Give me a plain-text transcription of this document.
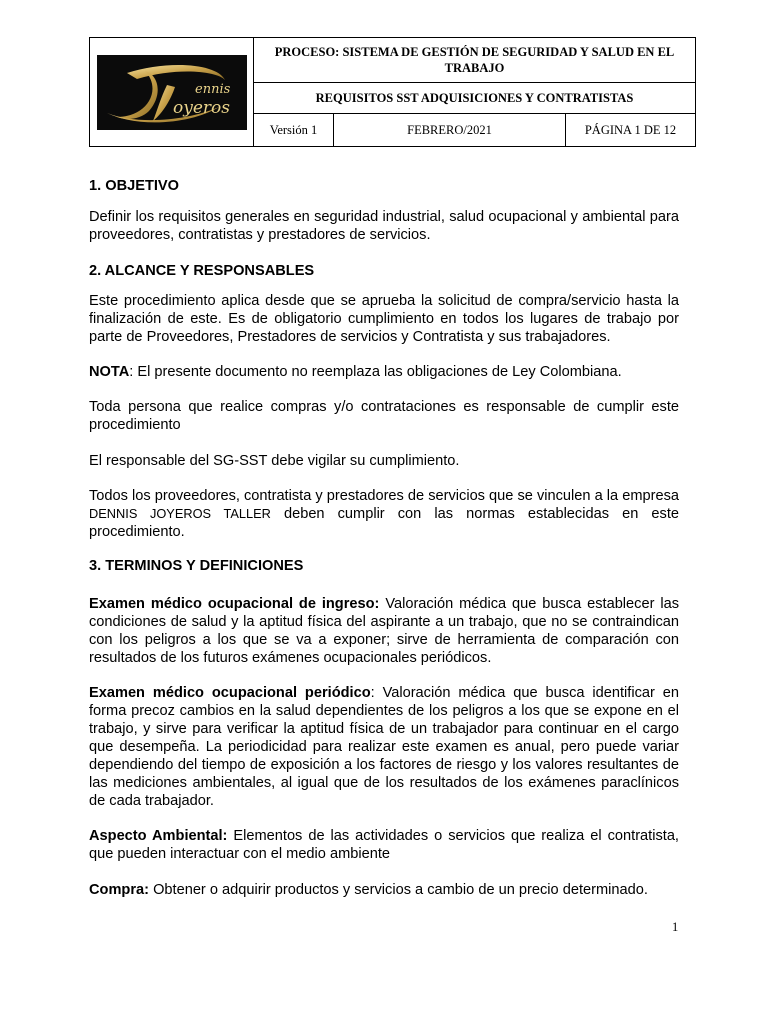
ennis
oyeros	PROCESO: SISTEMA DE GESTIÓN DE SEGURIDAD Y SALUD EN EL TRABAJO		
	REQUISITOS SST ADQUISICIONES Y CONTRATISTAS		
	Versión 1	FEBRERO/2021	PÁGINA 1 DE 12
1. OBJETIVO

Definir los requisitos generales en seguridad industrial, salud ocupacional y ambiental para proveedores, contratistas y prestadores de servicios.

2. ALCANCE Y RESPONSABLES

Este procedimiento aplica desde que se aprueba la solicitud de compra/servicio hasta la finalización de este. Es de obligatorio cumplimiento en todos los lugares de trabajo por parte de Proveedores, Prestadores de servicios y Contratista y sus trabajadores.

NOTA: El presente documento no reemplaza las obligaciones de Ley Colombiana.

Toda persona que realice compras y/o contrataciones es responsable de cumplir este procedimiento

El responsable del SG-SST debe vigilar su cumplimiento.

Todos los proveedores, contratista y prestadores de servicios que se vinculen a la empresa DENNIS JOYEROS TALLER deben cumplir con las normas establecidas en este procedimiento.

3. TERMINOS Y DEFINICIONES

Examen médico ocupacional de ingreso: Valoración médica que busca establecer las condiciones de salud y la aptitud física del aspirante a un trabajo, que no se contraindican con los peligros a los que se va a exponer; sirve de herramienta de comparación con resultados de los futuros exámenes ocupacionales periódicos.

Examen médico ocupacional periódico: Valoración médica que busca identificar en forma precoz cambios en la salud dependientes de los peligros a los que se expone en el trabajo, y sirve para verificar la aptitud física de un trabajador para continuar en el cargo que desempeña. La periodicidad para realizar este examen es anual, pero puede variar dependiendo del tiempo de exposición a los factores de riesgo y los valores resultantes de las mediciones ambientales, al igual que de los resultados de los exámenes paraclínicos de cada trabajador.

Aspecto Ambiental: Elementos de las actividades o servicios que realiza el contratista, que pueden interactuar con el medio ambiente

Compra: Obtener o adquirir productos y servicios a cambio de un precio determinado.

1
